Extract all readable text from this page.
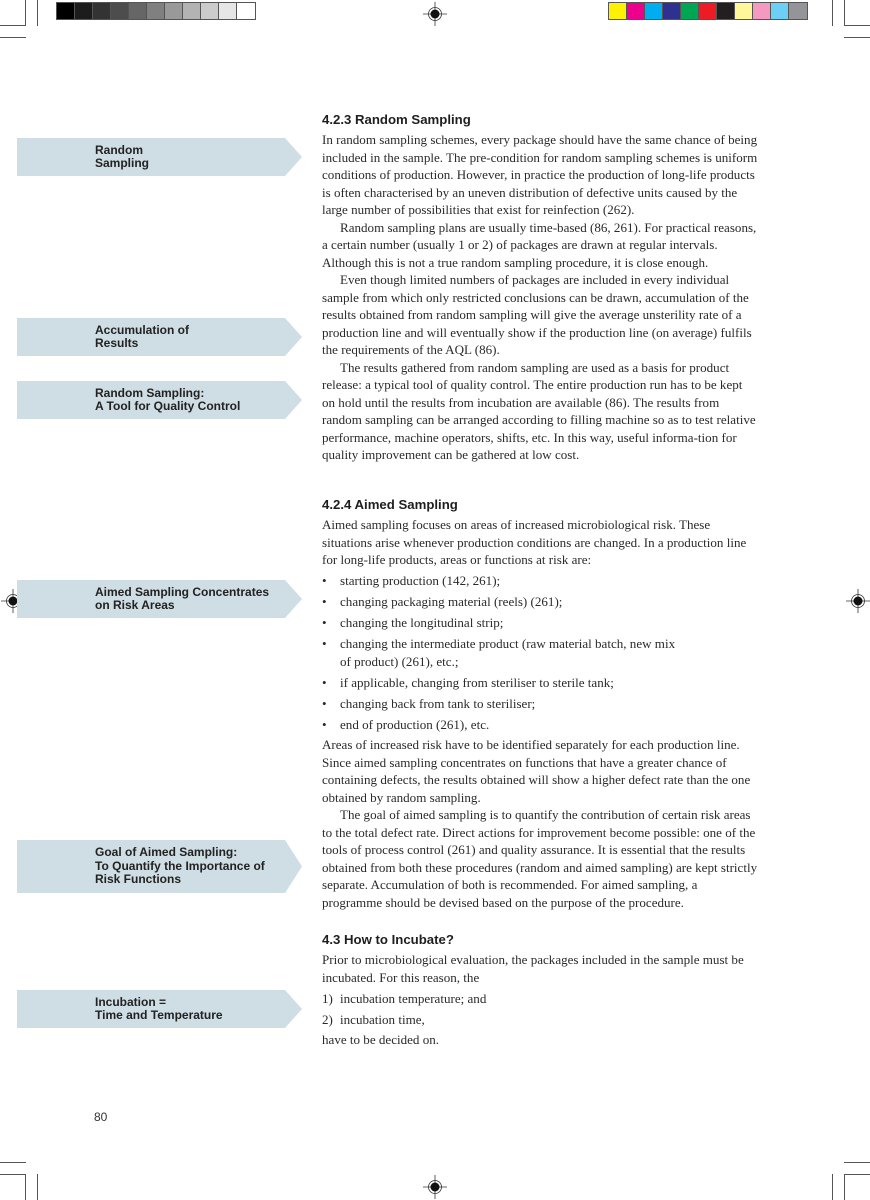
Random
Sampling
Accumulation of
Results
Random Sampling:
A Tool for Quality Control
Aimed Sampling Concentrates
on Risk Areas
Goal of Aimed Sampling:
To Quantify the Importance of
Risk Functions
Incubation =
Time and Temperature
4.2.3 Random Sampling

In random sampling schemes, every package should have the same chance of being included in the sample. The pre-condition for random sampling schemes is uniform conditions of production. However, in practice the production of long-life products is often characterised by an uneven distribution of defective units caused by the large number of possibilities that exist for reinfection (262).

Random sampling plans are usually time-based (86, 261). For practical reasons, a certain number (usually 1 or 2) of packages are drawn at regular intervals. Although this is not a true random sampling procedure, it is close enough.

Even though limited numbers of packages are included in every individual sample from which only restricted conclusions can be drawn, accumulation of the results obtained from random sampling will give the average unsterility rate of a production line and will eventually show if the production line (on average) fulfils the requirements of the AQL (86).

The results gathered from random sampling are used as a basis for product release: a typical tool of quality control. The entire production run has to be kept on hold until the results from incubation are available (86). The results from random sampling can be arranged according to filling machine so as to test relative performance, machine operators, shifts, etc. In this way, useful informa-tion for quality improvement can be gathered at low cost.

4.2.4 Aimed Sampling

Aimed sampling focuses on areas of increased microbiological risk. These situations arise whenever production conditions are changed. In a production line for long-life products, areas or functions at risk are:

• starting production (142, 261);
• changing packaging material (reels) (261);
• changing the longitudinal strip;
• changing the intermediate product (raw material batch, new mix of product) (261), etc.;
• if applicable, changing from steriliser to sterile tank;
• changing back from tank to steriliser;
• end of production (261), etc.

Areas of increased risk have to be identified separately for each production line. Since aimed sampling concentrates on functions that have a greater chance of containing defects, the results obtained will show a higher defect rate than the one obtained by random sampling.

The goal of aimed sampling is to quantify the contribution of certain risk areas to the total defect rate. Direct actions for improvement become possible: one of the tools of process control (261) and quality assurance. It is essential that the results obtained from both these procedures (random and aimed sampling) are kept strictly separate. Accumulation of both is recommended. For aimed sampling, a programme should be devised based on the purpose of the procedure.

4.3 How to Incubate?

Prior to microbiological evaluation, the packages included in the sample must be incubated. For this reason, the

1) incubation temperature; and
2) incubation time,

have to be decided on.

80
